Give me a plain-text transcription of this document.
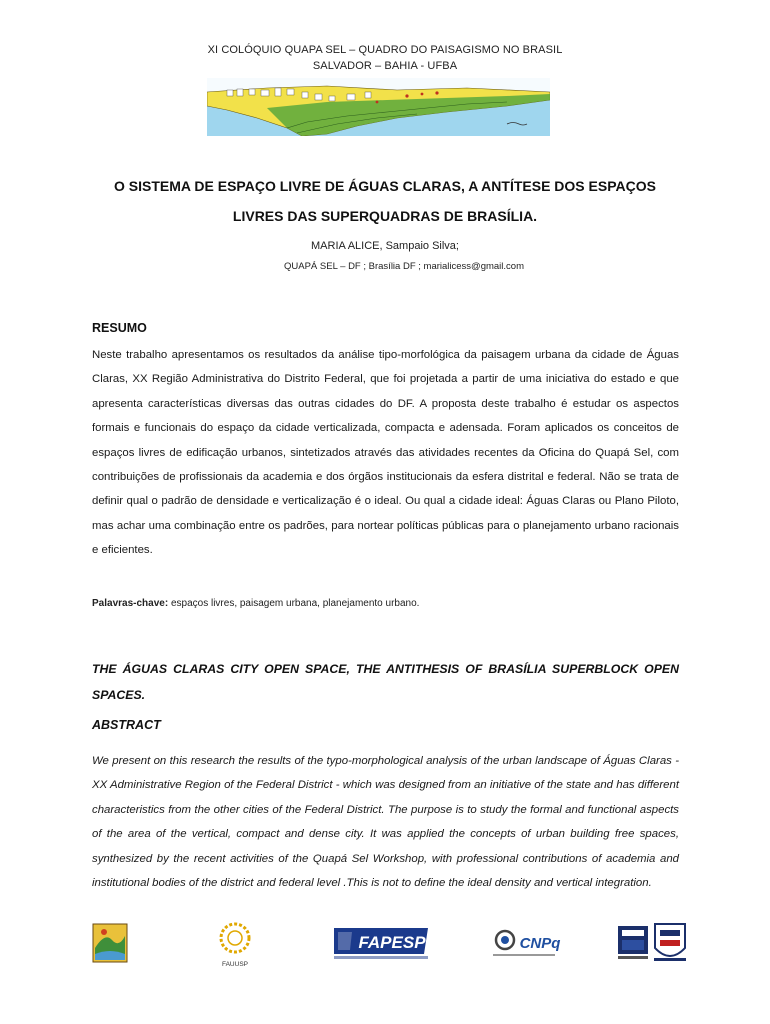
XI COLÓQUIO QUAPA SEL – QUADRO DO PAISAGISMO NO BRASIL
SALVADOR – BAHIA - UFBA
O SISTEMA DE ESPAÇO LIVRE DE ÁGUAS CLARAS, A ANTÍTESE DOS ESPAÇOS
LIVRES DAS SUPERQUADRAS DE BRASÍLIA.
MARIA ALICE, Sampaio Silva;
QUAPÁ SEL – DF ; Brasília DF ; marialicess@gmail.com
RESUMO

Neste trabalho apresentamos os resultados da análise tipo-morfológica da paisagem urbana da cidade de Águas Claras, XX Região Administrativa do Distrito Federal, que foi projetada a partir de uma iniciativa do estado e que apresenta características diversas das outras cidades do DF. A proposta deste trabalho é estudar os aspectos formais e funcionais do espaço da cidade verticalizada, compacta e adensada. Foram aplicados os conceitos de espaços livres de edificação urbanos, sintetizados através das atividades recentes da Oficina do Quapá Sel, com contribuições de profissionais da academia e dos órgãos institucionais da esfera distrital e federal. Não se trata de definir qual o padrão de densidade e verticalização é o ideal. Ou qual a cidade ideal: Águas Claras ou Plano Piloto, mas achar uma combinação entre os padrões, para nortear políticas públicas para o planejamento urbano racionais e eficientes.

Palavras-chave: espaços livres, paisagem urbana, planejamento urbano.

THE ÁGUAS CLARAS CITY OPEN SPACE, THE ANTITHESIS OF BRASÍLIA SUPERBLOCK OPEN SPACES.

ABSTRACT

We present on this research the results of the typo-morphological analysis of the urban landscape of Águas Claras - XX Administrative Region of the Federal District - which was designed from an initiative of the state and has different characteristics from the other cities of the Federal District. The purpose is to study the formal and functional aspects of the area of the vertical, compact and dense city. It was applied the concepts of urban building free spaces, synthesized by the recent activities of the Quapá Sel Workshop, with professional contributions of academia and institutional bodies of the district and federal level .This is not to define the ideal density and vertical integration.

FAUUSP
FAPESP	CNPq
